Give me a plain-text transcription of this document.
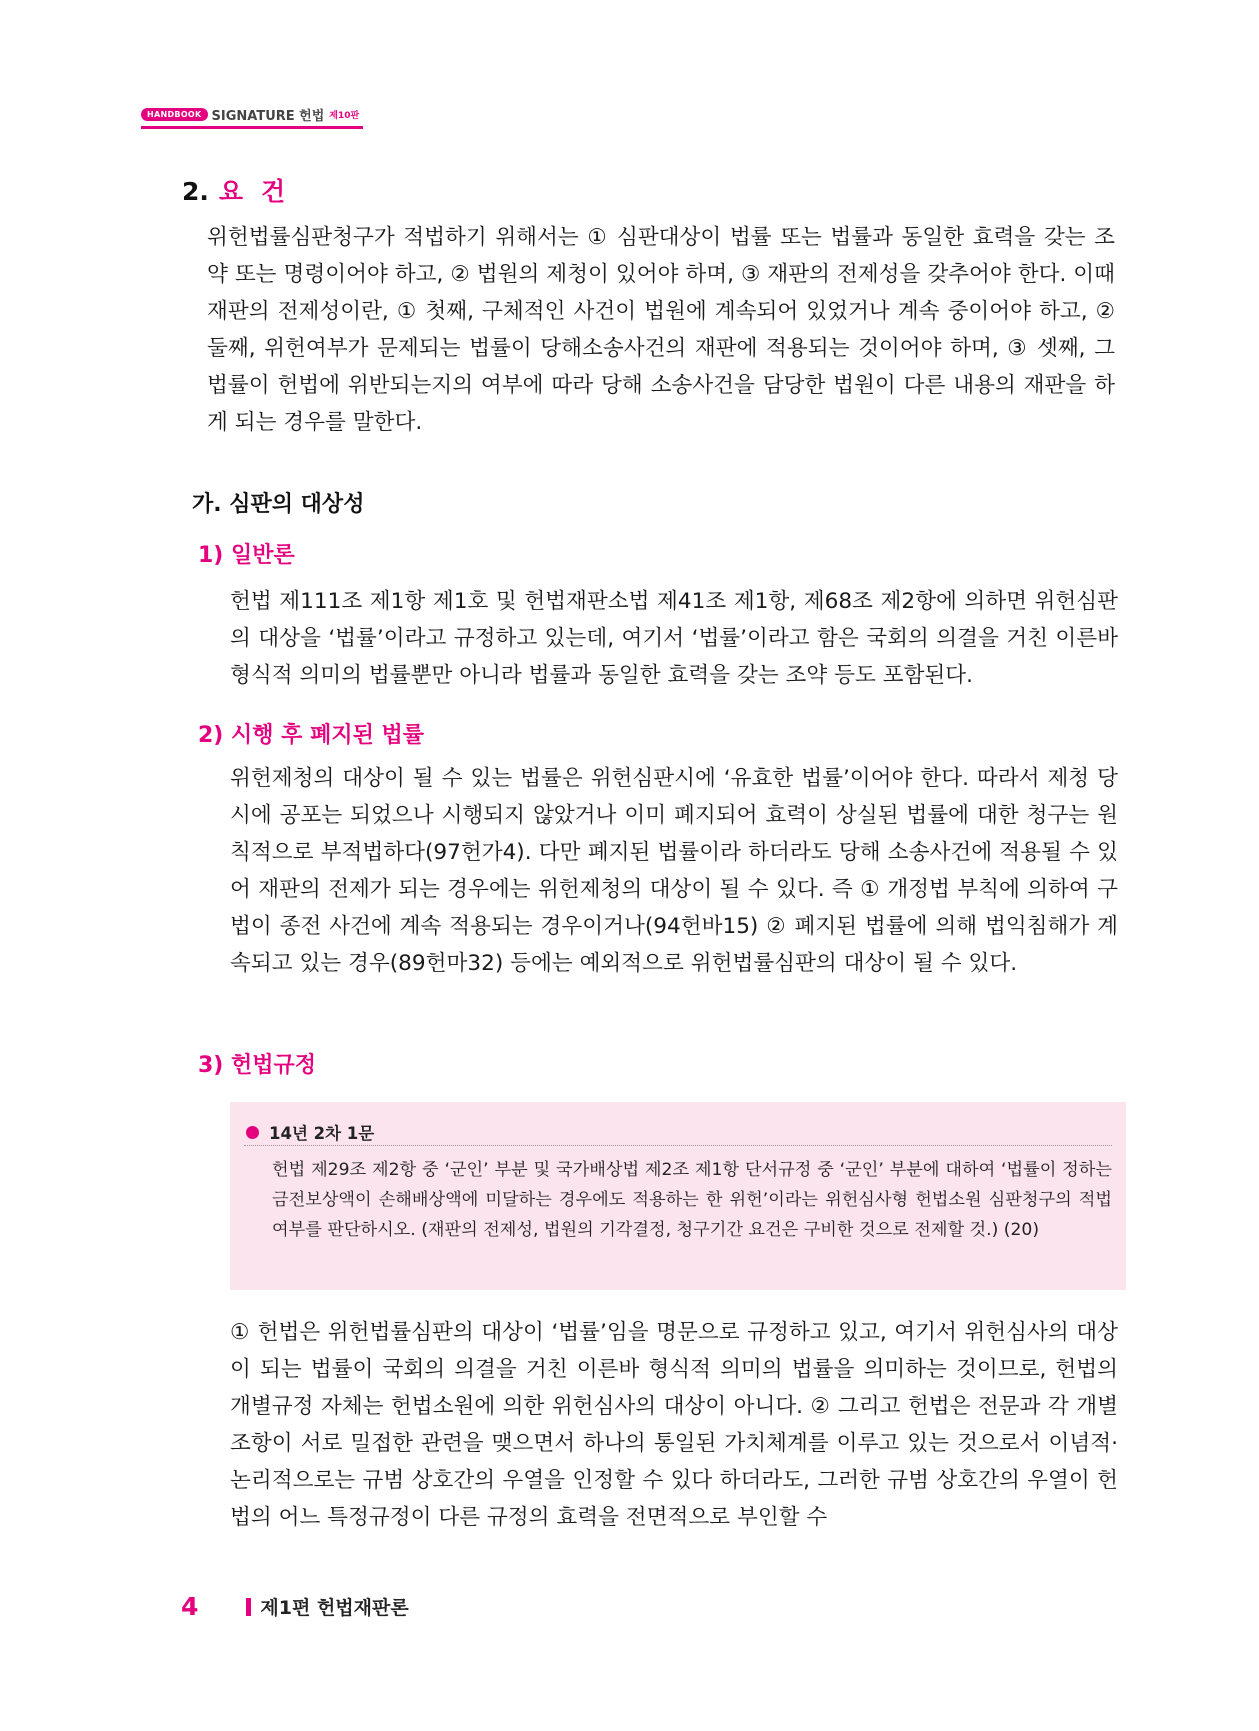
HANDBOOK SIGNATURE 헌법 제10판
2. 요건
위헌법률심판청구가 적법하기 위해서는 ① 심판대상이 법률 또는 법률과 동일한 효력을 갖는 조약 또는 명령이어야 하고, ② 법원의 제청이 있어야 하며, ③ 재판의 전제성을 갖추어야 한다. 이때 재판의 전제성이란, ① 첫째, 구체적인 사건이 법원에 계속되어 있었거나 계속 중이어야 하고, ② 둘째, 위헌여부가 문제되는 법률이 당해소송사건의 재판에 적용되는 것이어야 하며, ③ 셋째, 그 법률이 헌법에 위반되는지의 여부에 따라 당해 소송사건을 담당한 법원이 다른 내용의 재판을 하게 되는 경우를 말한다.
가. 심판의 대상성
1) 일반론
헌법 제111조 제1항 제1호 및 헌법재판소법 제41조 제1항, 제68조 제2항에 의하면 위헌심판의 대상을 ‘법률’이라고 규정하고 있는데, 여기서 ‘법률’이라고 함은 국회의 의결을 거친 이른바 형식적 의미의 법률뿐만 아니라 법률과 동일한 효력을 갖는 조약 등도 포함된다.
2) 시행 후 폐지된 법률
위헌제청의 대상이 될 수 있는 법률은 위헌심판시에 ‘유효한 법률’이어야 한다. 따라서 제청 당시에 공포는 되었으나 시행되지 않았거나 이미 폐지되어 효력이 상실된 법률에 대한 청구는 원칙적으로 부적법하다(97헌가4). 다만 폐지된 법률이라 하더라도 당해 소송사건에 적용될 수 있어 재판의 전제가 되는 경우에는 위헌제청의 대상이 될 수 있다. 즉 ① 개정법 부칙에 의하여 구법이 종전 사건에 계속 적용되는 경우이거나(94헌바15) ② 폐지된 법률에 의해 법익침해가 계속되고 있는 경우(89헌마32) 등에는 예외적으로 위헌법률심판의 대상이 될 수 있다.
3) 헌법규정
14년 2차 1문
헌법 제29조 제2항 중 ‘군인’ 부분 및 국가배상법 제2조 제1항 단서규정 중 ‘군인’ 부분에 대하여 ‘법률이 정하는 금전보상액이 손해배상액에 미달하는 경우에도 적용하는 한 위헌’이라는 위헌심사형 헌법소원 심판청구의 적법여부를 판단하시오. (재판의 전제성, 법원의 기각결정, 청구기간 요건은 구비한 것으로 전제할 것.) (20)
① 헌법은 위헌법률심판의 대상이 ‘법률’임을 명문으로 규정하고 있고, 여기서 위헌심사의 대상이 되는 법률이 국회의 의결을 거친 이른바 형식적 의미의 법률을 의미하는 것이므로, 헌법의 개별규정 자체는 헌법소원에 의한 위헌심사의 대상이 아니다. ② 그리고 헌법은 전문과 각 개별조항이 서로 밀접한 관련을 맺으면서 하나의 통일된 가치체계를 이루고 있는 것으로서 이념적·논리적으로는 규범 상호간의 우열을 인정할 수 있다 하더라도, 그러한 규범 상호간의 우열이 헌법의 어느 특정규정이 다른 규정의 효력을 전면적으로 부인할 수
4	제1편 헌법재판론
